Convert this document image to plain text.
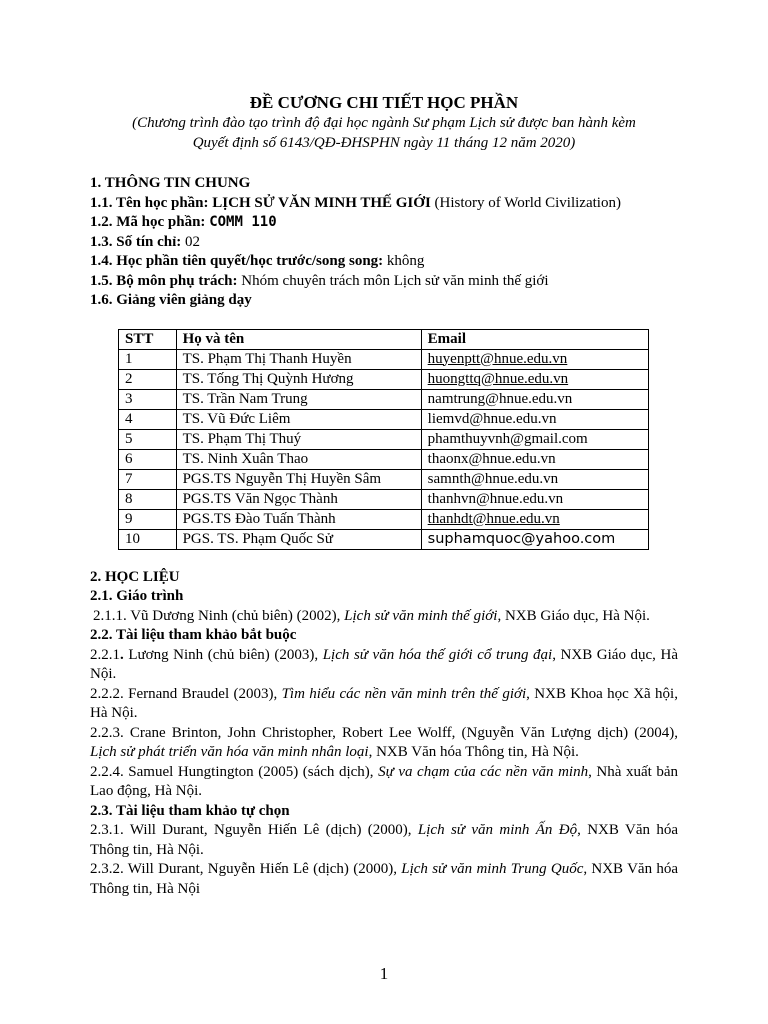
ĐỀ CƯƠNG CHI TIẾT HỌC PHẦN
(Chương trình đào tạo trình độ đại học ngành Sư phạm Lịch sử được ban hành kèm
Quyết định số 6143/QĐ-ĐHSPHN ngày 11 tháng 12 năm 2020)
1. THÔNG TIN CHUNG
1.1. Tên học phần: LỊCH SỬ VĂN MINH THẾ GIỚI (History of World Civilization)
1.2. Mã học phần: COMM 110
1.3. Số tín chỉ: 02
1.4. Học phần tiên quyết/học trước/song song: không
1.5. Bộ môn phụ trách: Nhóm chuyên trách môn Lịch sử văn minh thế giới
1.6. Giảng viên giảng dạy
STT	Họ và tên	Email
1	TS. Phạm Thị Thanh Huyền	huyenptt@hnue.edu.vn
2	TS. Tống Thị Quỳnh Hương	huongttq@hnue.edu.vn
3	TS. Trần Nam Trung	namtrung@hnue.edu.vn
4	TS. Vũ Đức Liêm	liemvd@hnue.edu.vn
5	TS. Phạm Thị Thuý	phamthuyvnh@gmail.com
6	TS. Ninh Xuân Thao	thaonx@hnue.edu.vn
7	PGS.TS Nguyễn Thị Huyền Sâm	samnth@hnue.edu.vn
8	PGS.TS Văn Ngọc Thành	thanhvn@hnue.edu.vn
9	PGS.TS Đào Tuấn Thành	thanhdt@hnue.edu.vn
10	PGS. TS. Phạm Quốc Sử	suphamquoc@yahoo.com
2. HỌC LIỆU
2.1. Giáo trình
2.1.1. Vũ Dương Ninh (chủ biên) (2002), Lịch sử văn minh thế giới, NXB Giáo dục, Hà Nội.
2.2. Tài liệu tham khảo bắt buộc
2.2.1. Lương Ninh (chủ biên) (2003), Lịch sử văn hóa thế giới cổ trung đại, NXB Giáo dục, Hà Nội.
2.2.2. Fernand Braudel (2003), Tìm hiểu các nền văn minh trên thế giới, NXB Khoa học Xã hội, Hà Nội.
2.2.3. Crane Brinton, John Christopher, Robert Lee Wolff, (Nguyễn Văn Lượng dịch) (2004), Lịch sử phát triển văn hóa văn minh nhân loại, NXB Văn hóa Thông tin, Hà Nội.
2.2.4. Samuel Hungtington (2005) (sách dịch), Sự va chạm của các nền văn minh, Nhà xuất bản Lao động, Hà Nội.
2.3. Tài liệu tham khảo tự chọn
2.3.1. Will Durant, Nguyễn Hiến Lê (dịch) (2000), Lịch sử văn minh Ấn Độ, NXB Văn hóa Thông tin, Hà Nội.
2.3.2. Will Durant, Nguyễn Hiến Lê (dịch) (2000), Lịch sử văn minh Trung Quốc, NXB Văn hóa Thông tin, Hà Nội
1
